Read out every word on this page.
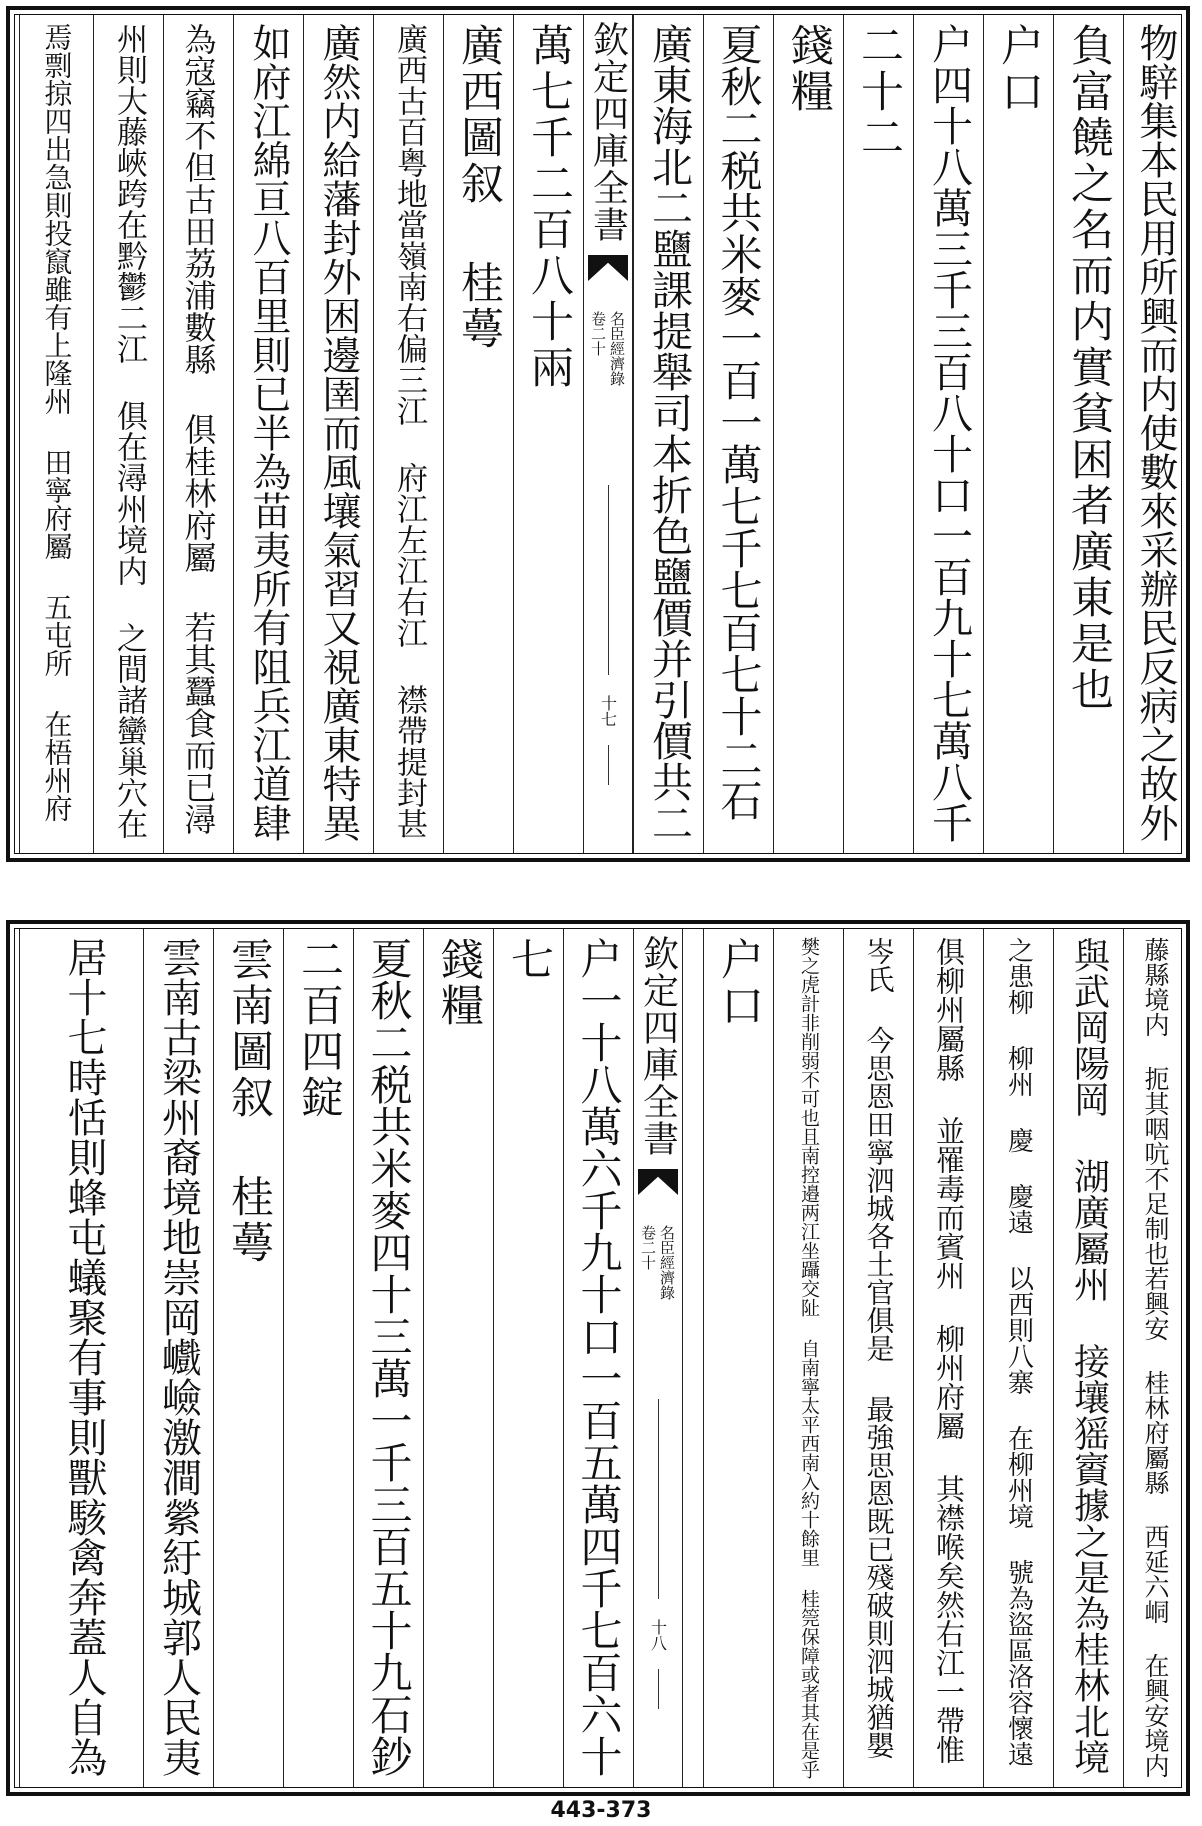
物騂集本民用所興而内使數來采辦民反病之故外
負富饒之名而内實貧困者廣東是也
户口
户四十八萬三千三百八十口一百九十七萬八千
二十二
錢糧
夏秋二税共米麥一百一萬七千七百七十二石
廣東海北二鹽課提舉司本折色鹽價并引價共二
欽定四庫全書
名臣經濟錄
卷二十
十七
萬七千二百八十兩
廣西圖叙 桂蕚
廣西古百粤地當嶺南右偏三江 府江左江右江 襟帶提封甚
廣然内給藩封外困邊圉而風壤氣習又視廣東特異
如府江綿亘八百里則已半為苗夷所有阻兵江道肆
為寇竊不但古田荔浦數縣 俱桂林府屬 若其蠶食而已潯
州則大藤峽跨在黔鬱二江 俱在潯州境内 之間諸蠻巢穴在
焉剽掠四出急則投竄雖有上隆州 田寧府屬 五屯所 在梧州府
藤縣境内 扼其咽吭不足制也若興安 桂林府屬縣 西延六峒 在興安境内
與武岡陽岡 湖廣屬州 接壤猺賨據之是為桂林北境
之患柳 柳州 慶 慶遠 以西則八寨 在柳州境 號為盜區洛容懷遠
俱柳州屬縣 並罹毒而賓州 柳州府屬 其襟喉矣然右江一帶惟
岑氏 今思恩田寧泗城各土官俱是 最強思恩既已殘破則泗城猶嬰
樊之虎計非削弱不可也且南控邉两江坐躡交阯 自南寧太平西南入約十餘里 桂筦保障或者其在是乎
户口
欽定四庫全書
名臣經濟錄
卷二十
十八
户一十八萬六千九十口一百五萬四千七百六十
七
錢糧
夏秋二税共米麥四十三萬一千三百五十九石鈔
二百四錠
雲南圖叙 桂蕚
雲南古梁州裔境地崇岡巇嶮激澗縈紆城郭人民夷
居十七時恬則蜂屯蟻聚有事則獸駭禽奔蓋人自為
443-373
